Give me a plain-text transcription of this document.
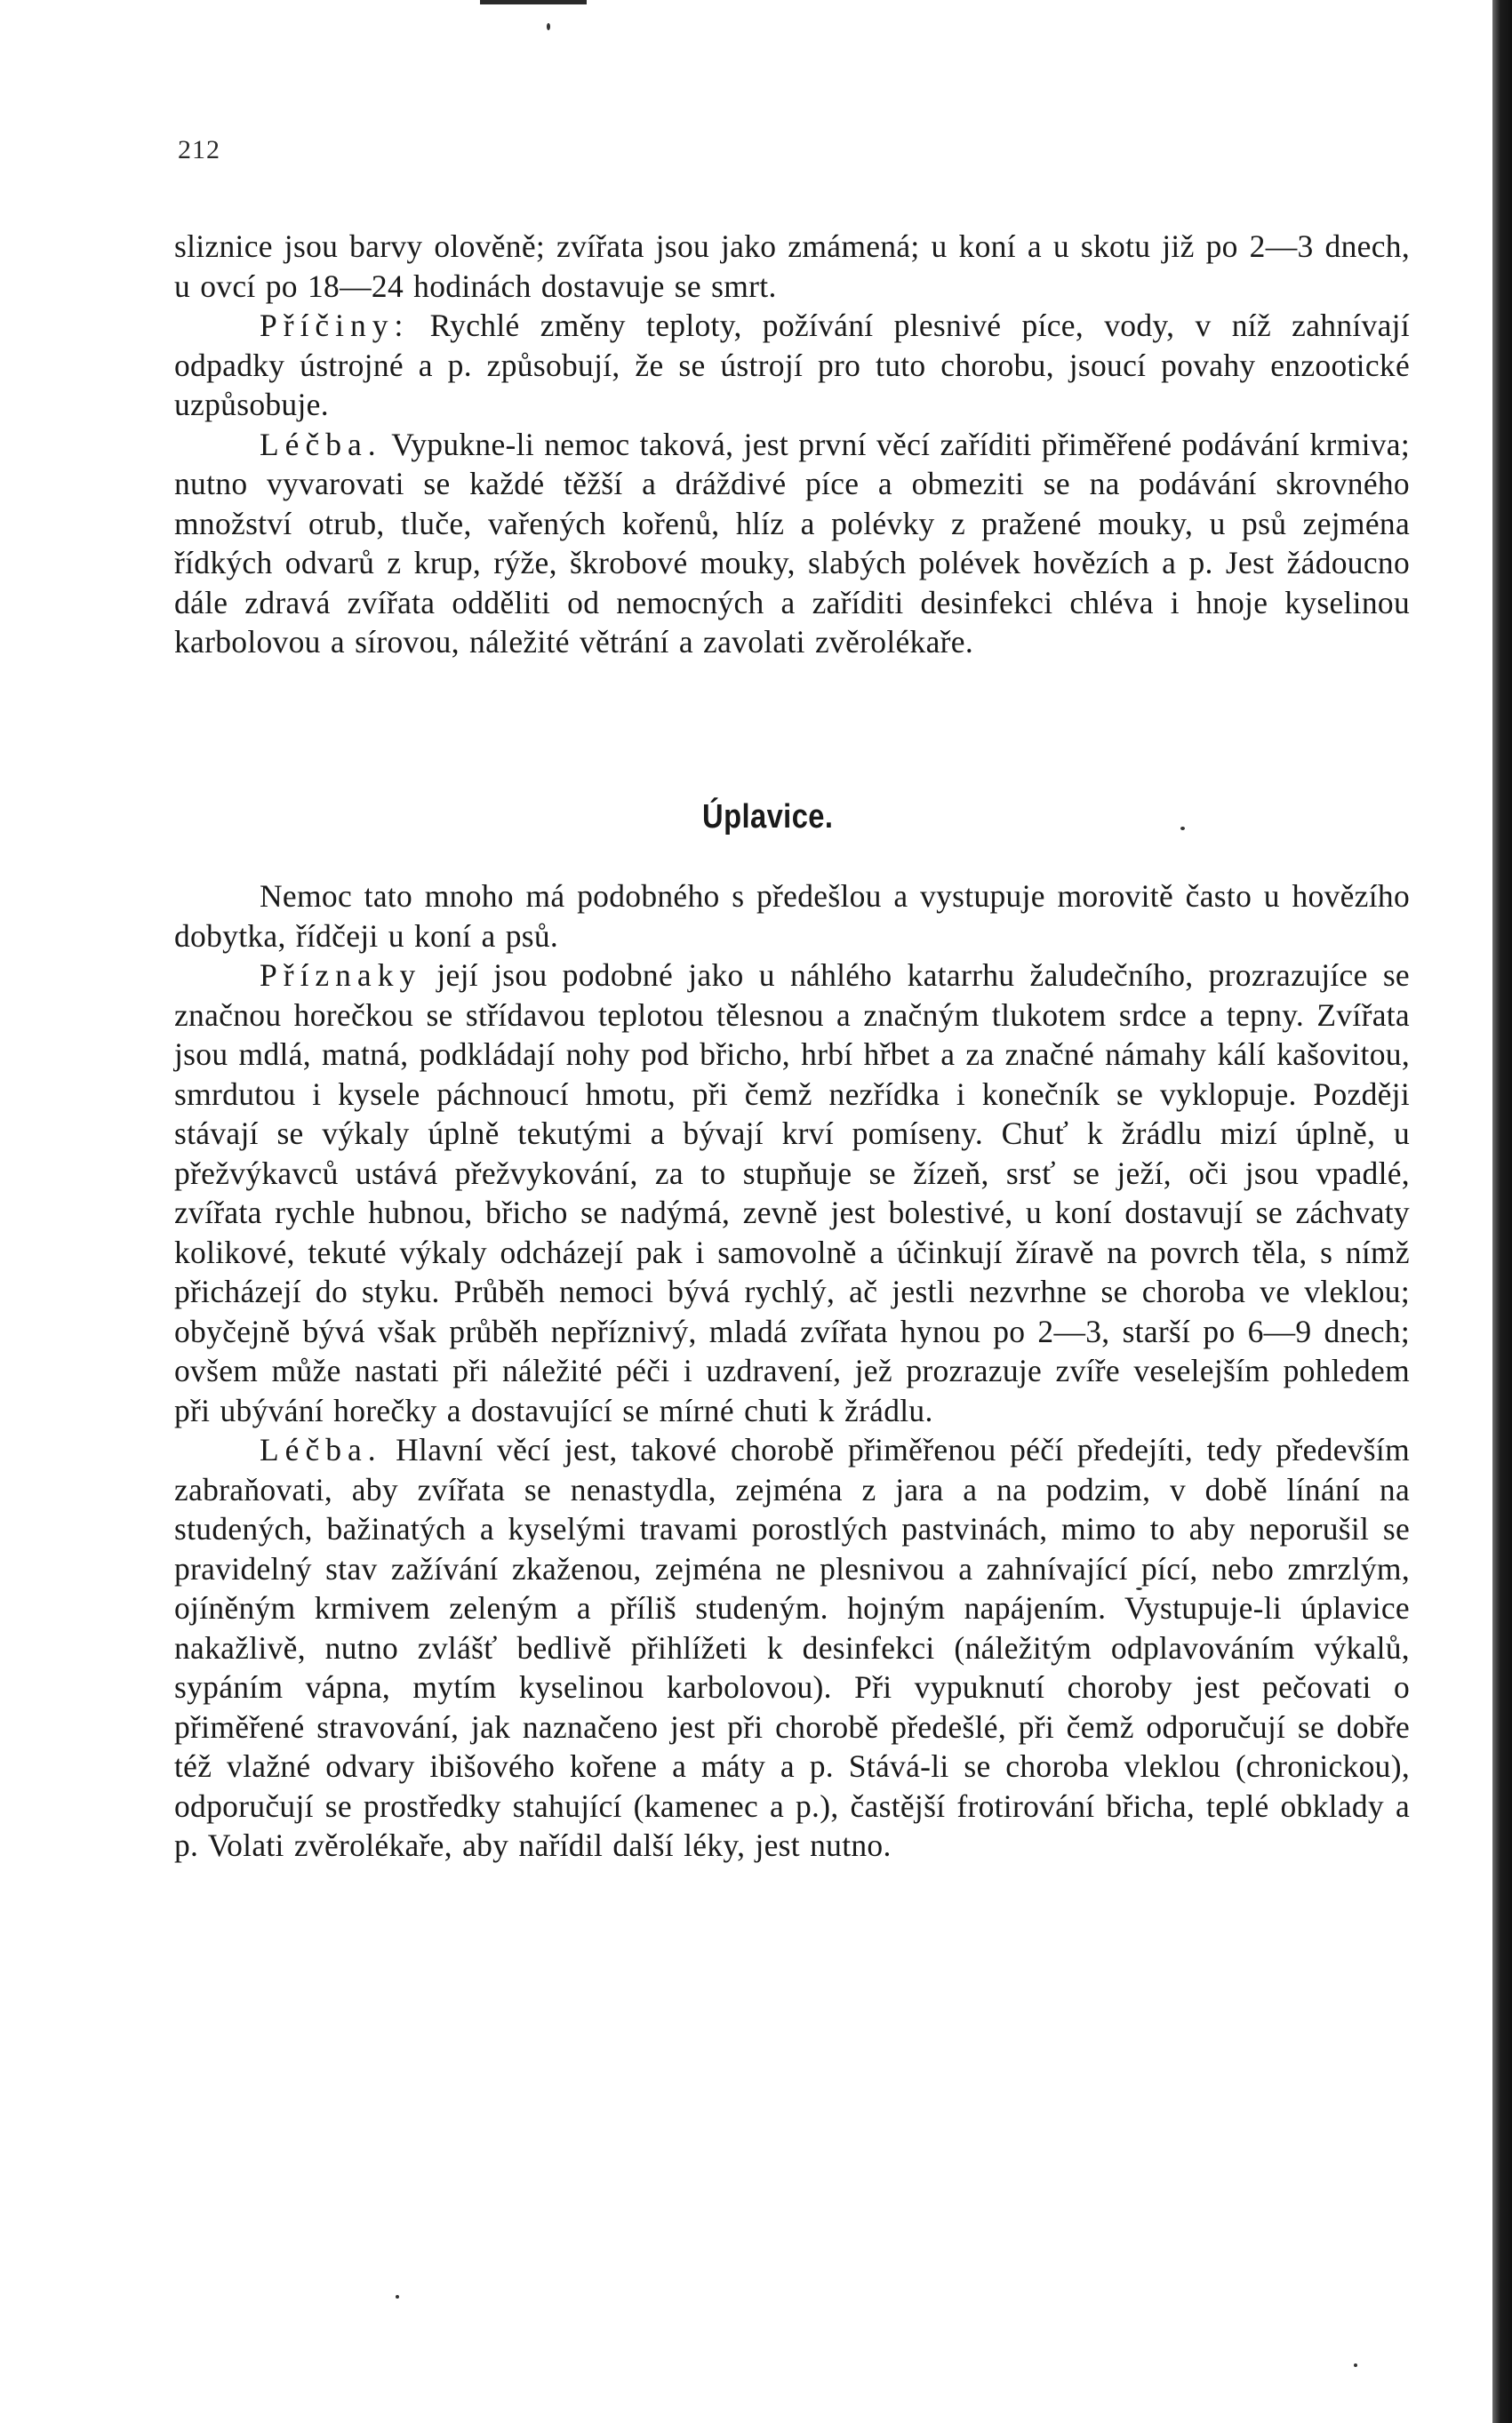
212

sliznice jsou barvy olověně; zvířata jsou jako zmámená; u koní a u skotu již po 2—3 dnech, u ovcí po 18—24 hodinách dostavuje se smrt.

Příčiny: Rychlé změny teploty, požívání plesnivé píce, vody, v níž zahnívají odpadky ústrojné a p. způsobují, že se ústrojí pro tuto chorobu, jsoucí povahy enzootické uzpůsobuje.

Léčba. Vypukne-li nemoc taková, jest první věcí zaříditi přiměřené podávání krmiva; nutno vyvarovati se každé těžší a dráždivé píce a obmeziti se na podávání skrovného množství otrub, tluče, vařených kořenů, hlíz a polévky z pražené mouky, u psů zejména řídkých odvarů z krup, rýže, škrobové mouky, slabých polévek hovězích a p. Jest žádoucno dále zdravá zvířata odděliti od nemocných a zaříditi desinfekci chléva i hnoje kyselinou karbolovou a sírovou, náležité větrání a zavolati zvěrolékaře.

Úplavice.

Nemoc tato mnoho má podobného s předešlou a vystupuje morovitě často u hovězího dobytka, řídčeji u koní a psů.

Příznaky její jsou podobné jako u náhlého katarrhu žaludečního, prozrazujíce se značnou horečkou se střídavou teplotou tělesnou a značným tlukotem srdce a tepny. Zvířata jsou mdlá, matná, podkládají nohy pod břicho, hrbí hřbet a za značné námahy kálí kašovitou, smrdutou i kysele páchnoucí hmotu, při čemž nezřídka i konečník se vyklopuje. Později stávají se výkaly úplně tekutými a bývají krví pomíseny. Chuť k žrádlu mizí úplně, u přežvýkavců ustává přežvykování, za to stupňuje se žízeň, srsť se ježí, oči jsou vpadlé, zvířata rychle hubnou, břicho se nadýmá, zevně jest bolestivé, u koní dostavují se záchvaty kolikové, tekuté výkaly odcházejí pak i samovolně a účinkují žíravě na povrch těla, s nímž přicházejí do styku. Průběh nemoci bývá rychlý, ač jestli nezvrhne se choroba ve vleklou; obyčejně bývá však průběh nepříznivý, mladá zvířata hynou po 2—3, starší po 6—9 dnech; ovšem může nastati při náležité péči i uzdravení, jež prozrazuje zvíře veselejším pohledem při ubývání horečky a dostavující se mírné chuti k žrádlu.

Léčba. Hlavní věcí jest, takové chorobě přiměřenou péčí předejíti, tedy především zabraňovati, aby zvířata se nenastydla, zejména z jara a na podzim, v době línání na studených, bažinatých a kyselými travami porostlých pastvinách, mimo to aby neporušil se pravidelný stav zažívání zkaženou, zejména ne plesnivou a zahnívající pící, nebo zmrzlým, ojíněným krmivem zeleným a příliš studeným. hojným napájením. Vystupuje-li úplavice nakažlivě, nutno zvlášť bedlivě přihlížeti k desinfekci (náležitým odplavováním výkalů, sypáním vápna, mytím kyselinou karbolovou). Při vypuknutí choroby jest pečovati o přiměřené stravování, jak naznačeno jest při chorobě předešlé, při čemž odporučují se dobře též vlažné odvary ibišového kořene a máty a p. Stává-li se choroba vleklou (chronickou), odporučují se prostředky stahující (kamenec a p.), častější frotirování břicha, teplé obklady a p. Volati zvěrolékaře, aby nařídil další léky, jest nutno.
